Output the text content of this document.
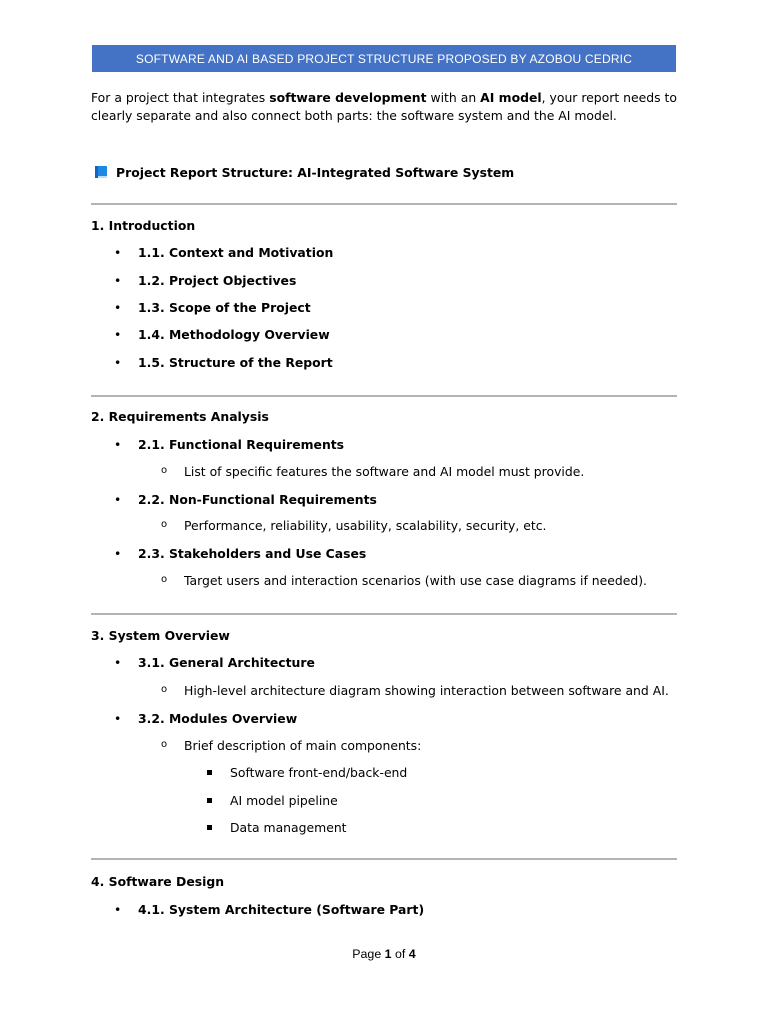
SOFTWARE AND AI BASED PROJECT STRUCTURE PROPOSED BY AZOBOU CEDRIC

For a project that integrates software development with an AI model, your report needs to clearly separate and also connect both parts: the software system and the AI model.

Project Report Structure: AI-Integrated Software System
1. Introduction
• 1.1. Context and Motivation
• 1.2. Project Objectives
• 1.3. Scope of the Project
• 1.4. Methodology Overview
• 1.5. Structure of the Report
2. Requirements Analysis
• 2.1. Functional Requirements
o List of specific features the software and AI model must provide.
• 2.2. Non-Functional Requirements
o Performance, reliability, usability, scalability, security, etc.
• 2.3. Stakeholders and Use Cases
o Target users and interaction scenarios (with use case diagrams if needed).
3. System Overview
• 3.1. General Architecture
o High-level architecture diagram showing interaction between software and AI.
• 3.2. Modules Overview
o Brief description of main components:
Software front-end/back-end
AI model pipeline
Data management
4. Software Design
• 4.1. System Architecture (Software Part)
Page 1 of 4
